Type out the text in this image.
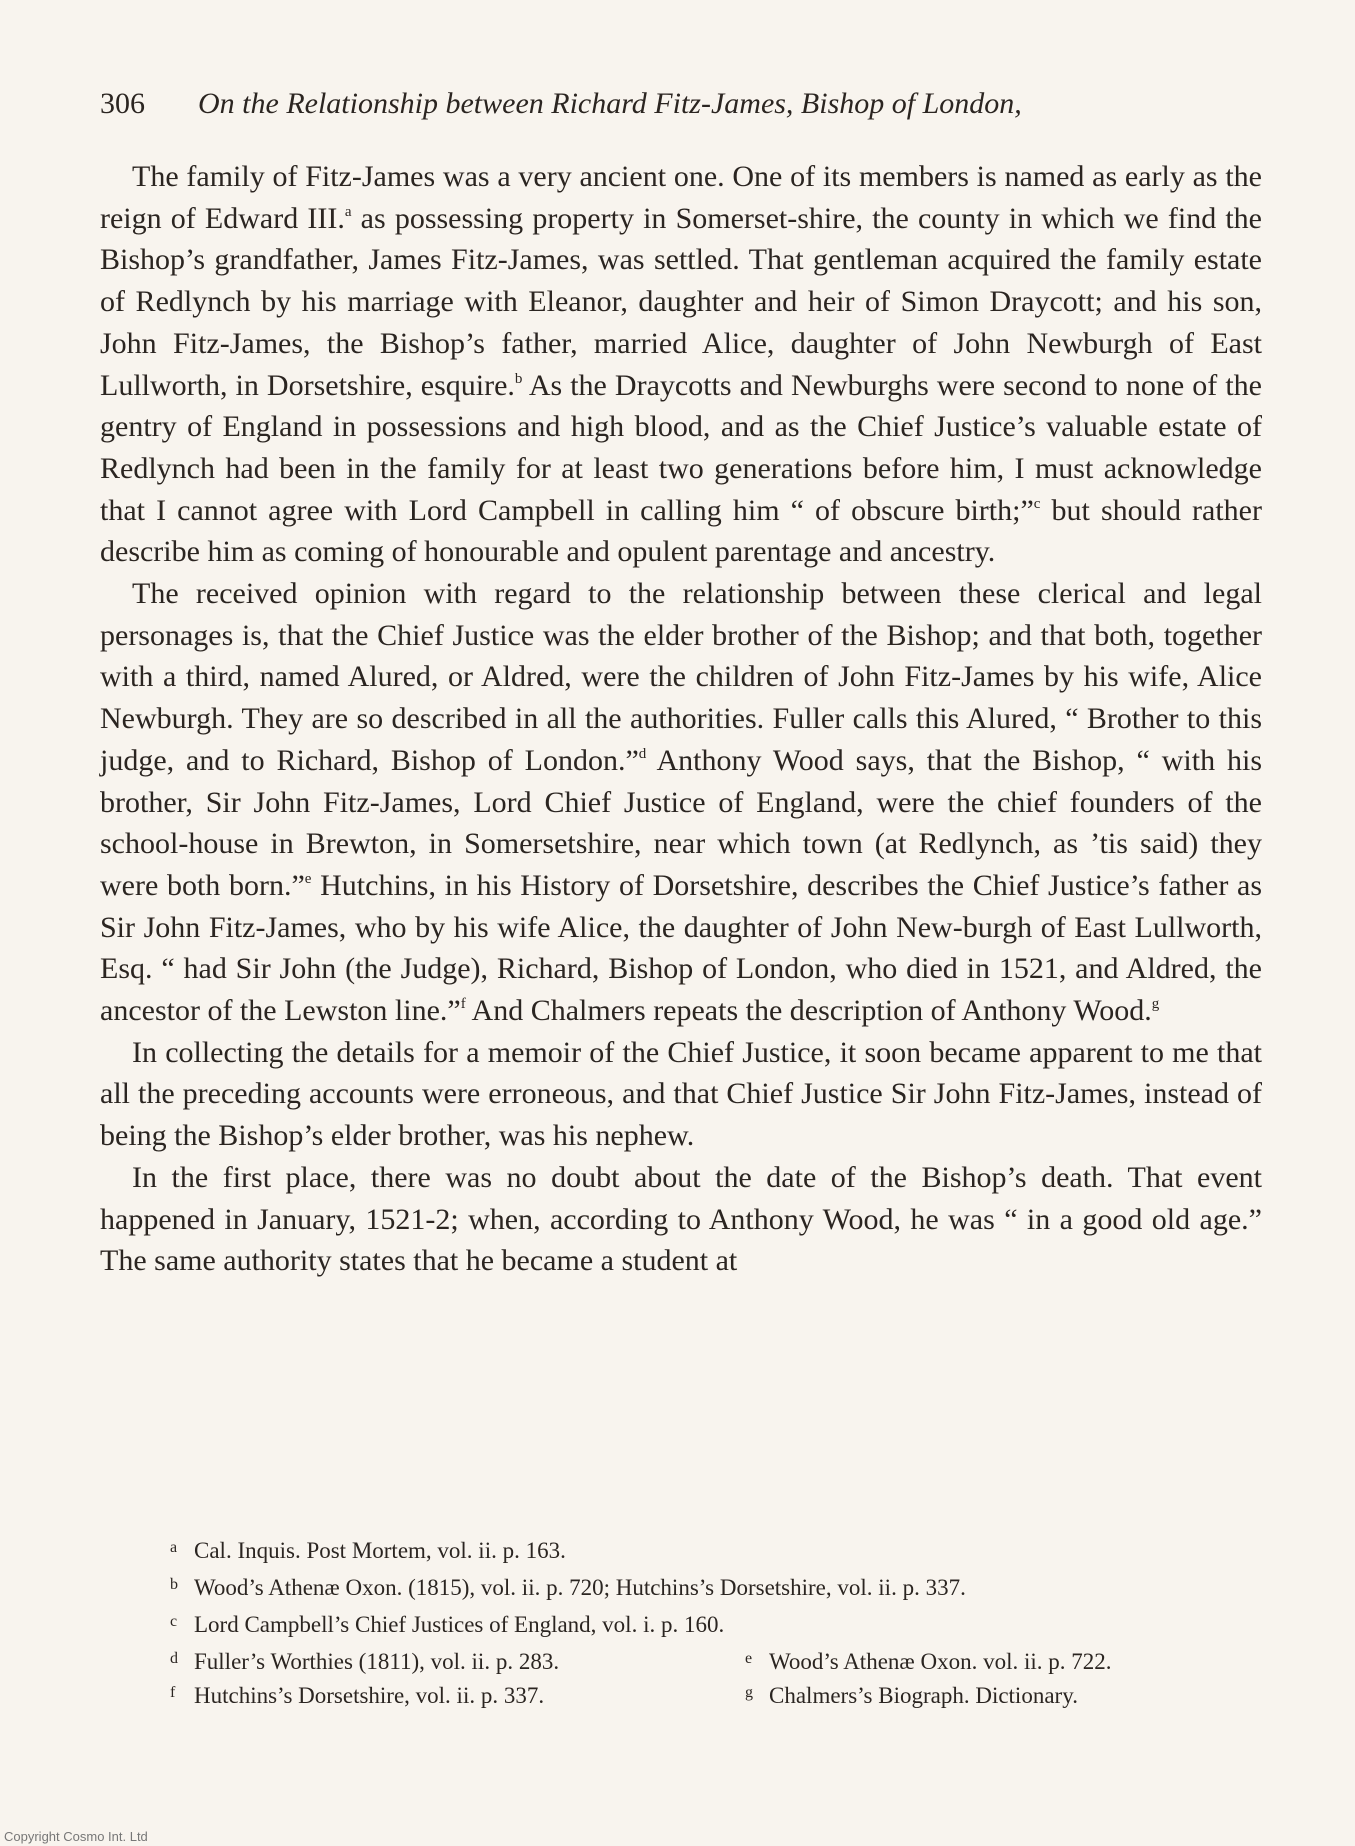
306 On the Relationship between Richard Fitz-James, Bishop of London,

The family of Fitz-James was a very ancient one. One of its members is named as early as the reign of Edward III.$^a$ as possessing property in Somerset-shire, the county in which we find the Bishop’s grandfather, James Fitz-James, was settled. That gentleman acquired the family estate of Redlynch by his marriage with Eleanor, daughter and heir of Simon Draycott; and his son, John Fitz-James, the Bishop’s father, married Alice, daughter of John Newburgh of East Lullworth, in Dorsetshire, esquire.$^b$ As the Draycotts and Newburghs were second to none of the gentry of England in possessions and high blood, and as the Chief Justice’s valuable estate of Redlynch had been in the family for at least two generations before him, I must acknowledge that I cannot agree with Lord Campbell in calling him “ of obscure birth;”$^c$ but should rather describe him as coming of honourable and opulent parentage and ancestry.

The received opinion with regard to the relationship between these clerical and legal personages is, that the Chief Justice was the elder brother of the Bishop; and that both, together with a third, named Alured, or Aldred, were the children of John Fitz-James by his wife, Alice Newburgh. They are so described in all the authorities. Fuller calls this Alured, “ Brother to this judge, and to Richard, Bishop of London.”$^d$ Anthony Wood says, that the Bishop, “ with his brother, Sir John Fitz-James, Lord Chief Justice of England, were the chief founders of the school-house in Brewton, in Somersetshire, near which town (at Redlynch, as ’tis said) they were both born.”$^e$ Hutchins, in his History of Dorsetshire, describes the Chief Justice’s father as Sir John Fitz-James, who by his wife Alice, the daughter of John New-burgh of East Lullworth, Esq. “ had Sir John (the Judge), Richard, Bishop of London, who died in 1521, and Aldred, the ancestor of the Lewston line.”$^f$ And Chalmers repeats the description of Anthony Wood.$^g$

In collecting the details for a memoir of the Chief Justice, it soon became apparent to me that all the preceding accounts were erroneous, and that Chief Justice Sir John Fitz-James, instead of being the Bishop’s elder brother, was his nephew.

In the first place, there was no doubt about the date of the Bishop’s death. That event happened in January, 1521-2; when, according to Anthony Wood, he was “ in a good old age.” The same authority states that he became a student at

a Cal. Inquis. Post Mortem, vol. ii. p. 163.
b Wood’s Athenæ Oxon. (1815), vol. ii. p. 720; Hutchins’s Dorsetshire, vol. ii. p. 337.
c Lord Campbell’s Chief Justices of England, vol. i. p. 160.
d Fuller’s Worthies (1811), vol. ii. p. 283.	e Wood’s Athenæ Oxon. vol. ii. p. 722.
f Hutchins’s Dorsetshire, vol. ii. p. 337.	g Chalmers’s Biograph. Dictionary.
Copyright Cosmo Int. Ltd
